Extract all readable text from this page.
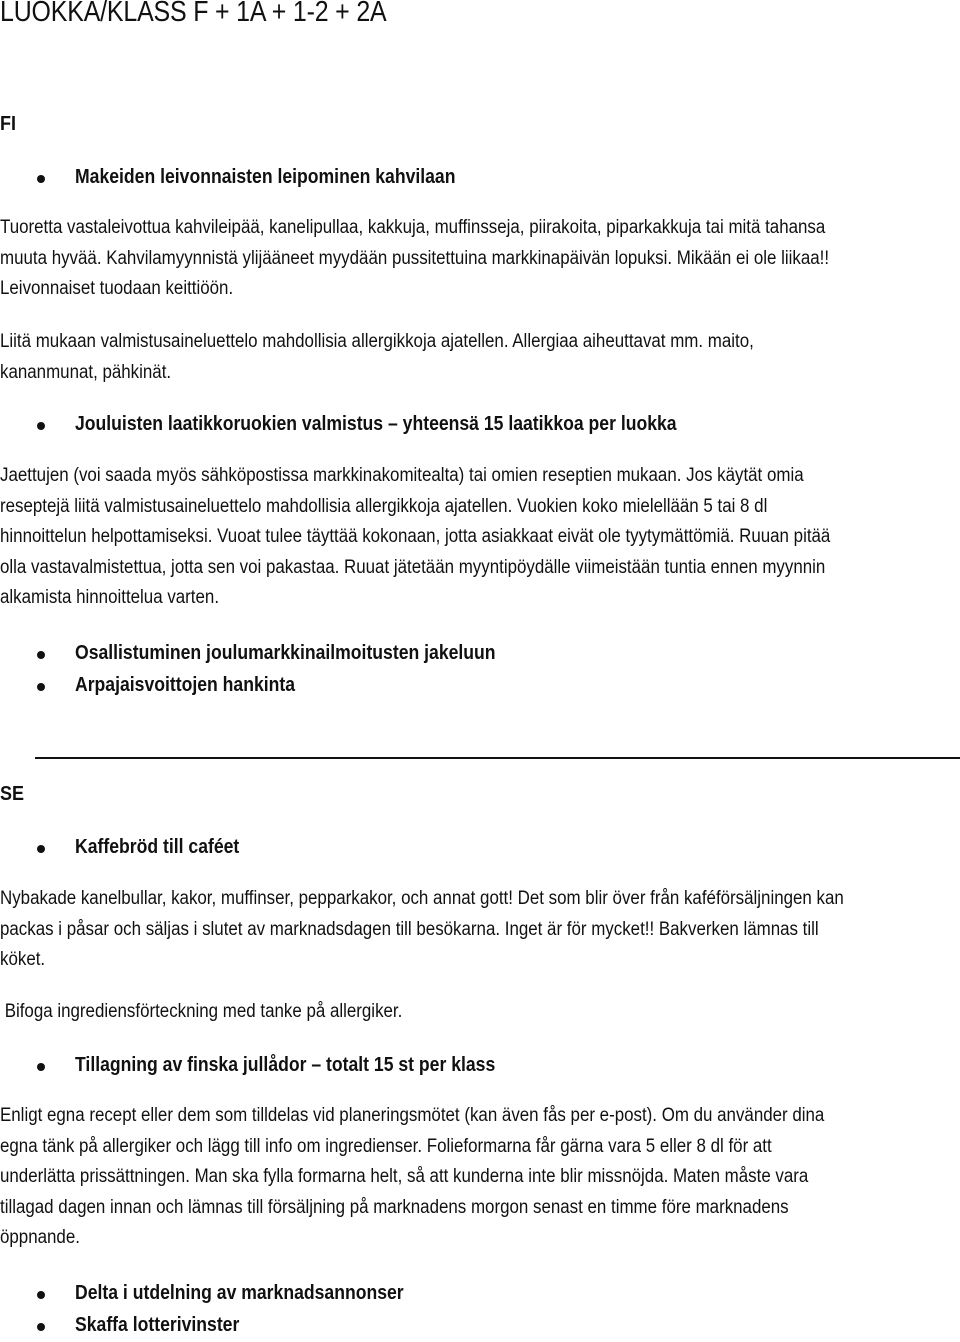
LUOKKA/KLASS F + 1A + 1-2 + 2A
FI
Makeiden leivonnaisten leipominen kahvilaan
Tuoretta vastaleivottua kahvileipää, kanelipullaa, kakkuja, muffinsseja, piirakoita, piparkakkuja tai mitä tahansa
muuta hyvää. Kahvilamyynnistä ylijääneet myydään pussitettuina markkinapäivän lopuksi. Mikään ei ole liikaa!!
Leivonnaiset tuodaan keittiöön.
Liitä mukaan valmistusaineluettelo mahdollisia allergikkoja ajatellen. Allergiaa aiheuttavat mm. maito,
kananmunat, pähkinät.
Jouluisten laatikkoruokien valmistus – yhteensä 15 laatikkoa per luokka
Jaettujen (voi saada myös sähköpostissa markkinakomitealta) tai omien reseptien mukaan. Jos käytät omia
reseptejä liitä valmistusaineluettelo mahdollisia allergikkoja ajatellen. Vuokien koko mielellään 5 tai 8 dl
hinnoittelun helpottamiseksi. Vuoat tulee täyttää kokonaan, jotta asiakkaat eivät ole tyytymättömiä. Ruuan pitää
olla vastavalmistettua, jotta sen voi pakastaa. Ruuat jätetään myyntipöydälle viimeistään tuntia ennen myynnin
alkamista hinnoittelua varten.
Osallistuminen joulumarkkinailmoitusten jakeluun
Arpajaisvoittojen hankinta
SE
Kaffebröd till caféet
Nybakade kanelbullar, kakor, muffinser, pepparkakor, och annat gott! Det som blir över från kaféförsäljningen kan
packas i påsar och säljas i slutet av marknadsdagen till besökarna. Inget är för mycket!! Bakverken lämnas till
köket.
Bifoga ingrediensförteckning med tanke på allergiker.
Tillagning av finska jullådor – totalt 15 st per klass
Enligt egna recept eller dem som tilldelas vid planeringsmötet (kan även fås per e-post). Om du använder dina
egna tänk på allergiker och lägg till info om ingredienser. Folieformarna får gärna vara 5 eller 8 dl för att
underlätta prissättningen. Man ska fylla formarna helt, så att kunderna inte blir missnöjda. Maten måste vara
tillagad dagen innan och lämnas till försäljning på marknadens morgon senast en timme före marknadens
öppnande.
Delta i utdelning av marknadsannonser
Skaffa lotterivinster
